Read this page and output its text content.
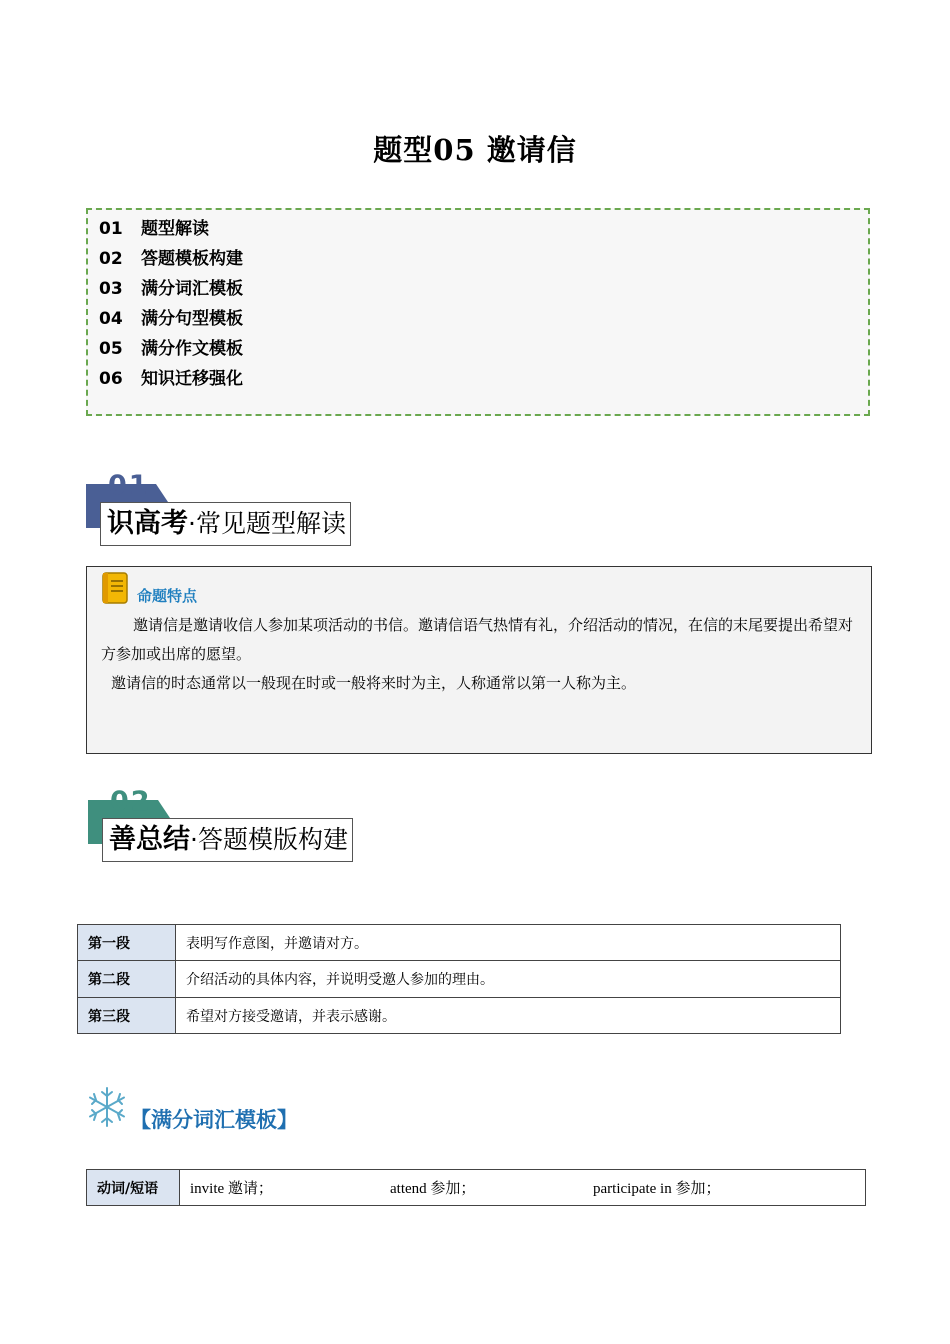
题型05 邀请信
01 题型解读
02 答题模板构建
03 满分词汇模板
04 满分句型模板
05 满分作文模板
06 知识迁移强化
01
识高考·常见题型解读
命题特点
邀请信是邀请收信人参加某项活动的书信。邀请信语气热情有礼，介绍活动的情况，在信的末尾要提出希望对方参加或出席的愿望。
邀请信的时态通常以一般现在时或一般将来时为主，人称通常以第一人称为主。
02
善总结·答题模版构建
第一段	表明写作意图，并邀请对方。
第二段	介绍活动的具体内容，并说明受邀人参加的理由。
第三段	希望对方接受邀请，并表示感谢。
【满分词汇模板】
动词/短语	invite 邀请；	attend 参加；	participate in 参加；
